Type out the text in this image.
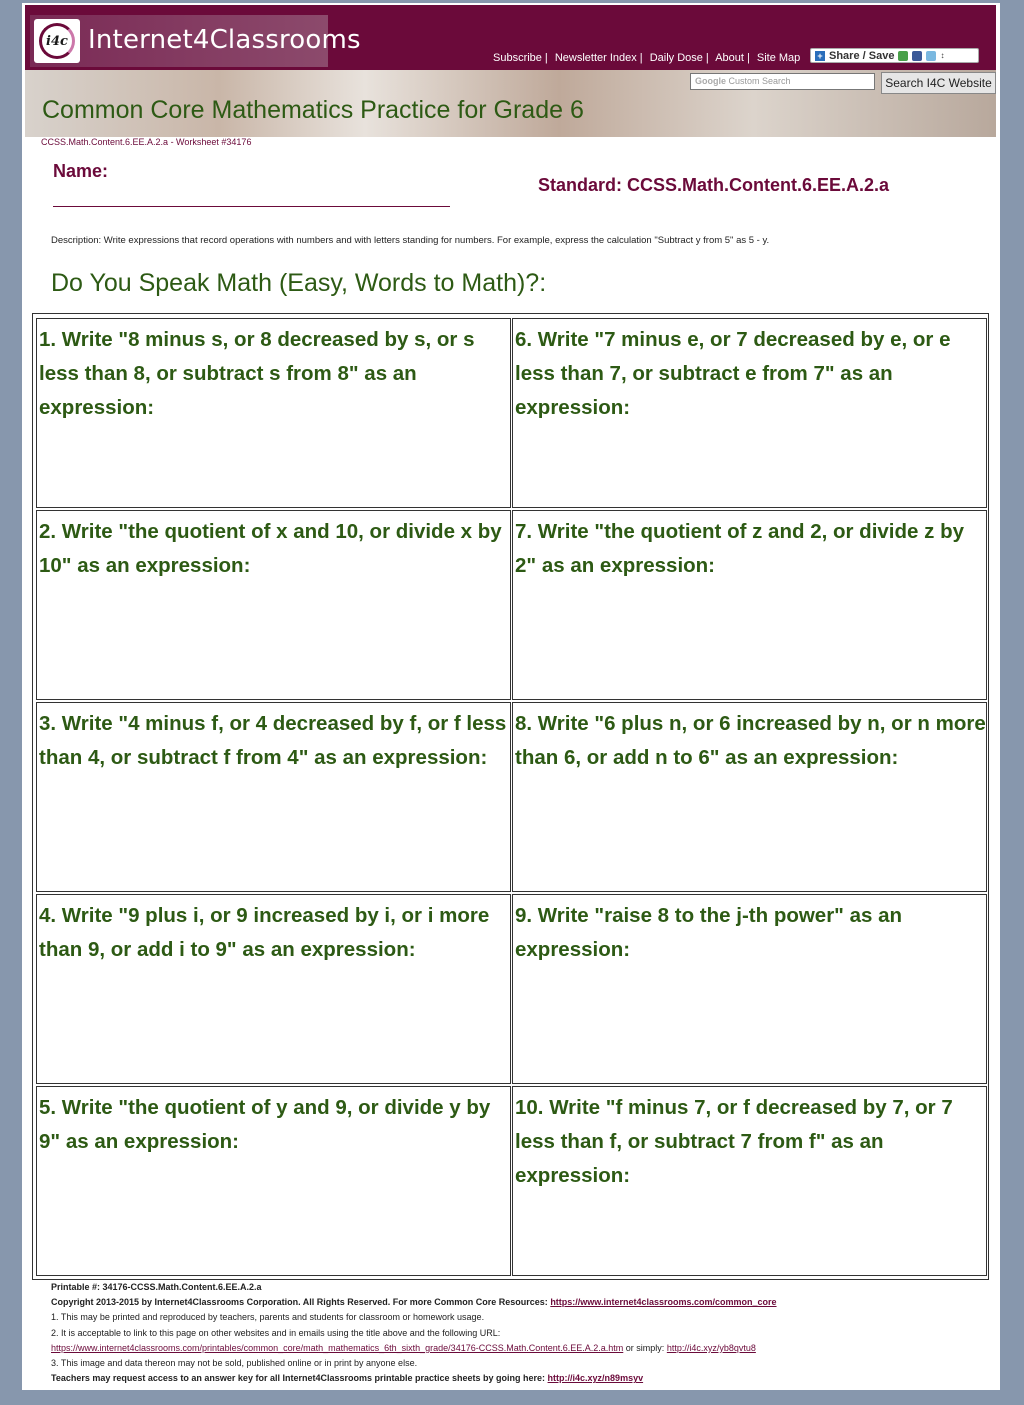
i4c Internet4Classrooms
Subscribe | Newsletter Index | Daily Dose | About | Site Map + Share / Save	↕
Google Custom Search	Search I4C Website
Common Core Mathematics Practice for Grade 6
CCSS.Math.Content.6.EE.A.2.a - Worksheet #34176
Name:
Standard: CCSS.Math.Content.6.EE.A.2.a
Description: Write expressions that record operations with numbers and with letters standing for numbers. For example, express the calculation "Subtract y from 5" as 5 - y.
Do You Speak Math (Easy, Words to Math)?:
1. Write "8 minus s, or 8 decreased by s, or s less than 8, or subtract s from 8" as an expression:
6. Write "7 minus e, or 7 decreased by e, or e less than 7, or subtract e from 7" as an expression:
2. Write "the quotient of x and 10, or divide x by 10" as an expression:
7. Write "the quotient of z and 2, or divide z by 2" as an expression:
3. Write "4 minus f, or 4 decreased by f, or f less than 4, or subtract f from 4" as an expression:
8. Write "6 plus n, or 6 increased by n, or n more than 6, or add n to 6" as an expression:
4. Write "9 plus i, or 9 increased by i, or i more than 9, or add i to 9" as an expression:
9. Write "raise 8 to the j-th power" as an expression:
5. Write "the quotient of y and 9, or divide y by 9" as an expression:
10. Write "f minus 7, or f decreased by 7, or 7 less than f, or subtract 7 from f" as an expression:
Printable #: 34176-CCSS.Math.Content.6.EE.A.2.a
Copyright 2013-2015 by Internet4Classrooms Corporation. All Rights Reserved. For more Common Core Resources: https://www.internet4classrooms.com/common_core
1. This may be printed and reproduced by teachers, parents and students for classroom or homework usage.
2. It is acceptable to link to this page on other websites and in emails using the title above and the following URL:
https://www.internet4classrooms.com/printables/common_core/math_mathematics_6th_sixth_grade/34176-CCSS.Math.Content.6.EE.A.2.a.htm or simply: http://i4c.xyz/yb8qvtu8
3. This image and data thereon may not be sold, published online or in print by anyone else.
Teachers may request access to an answer key for all Internet4Classrooms printable practice sheets by going here: http://i4c.xyz/n89msyv
